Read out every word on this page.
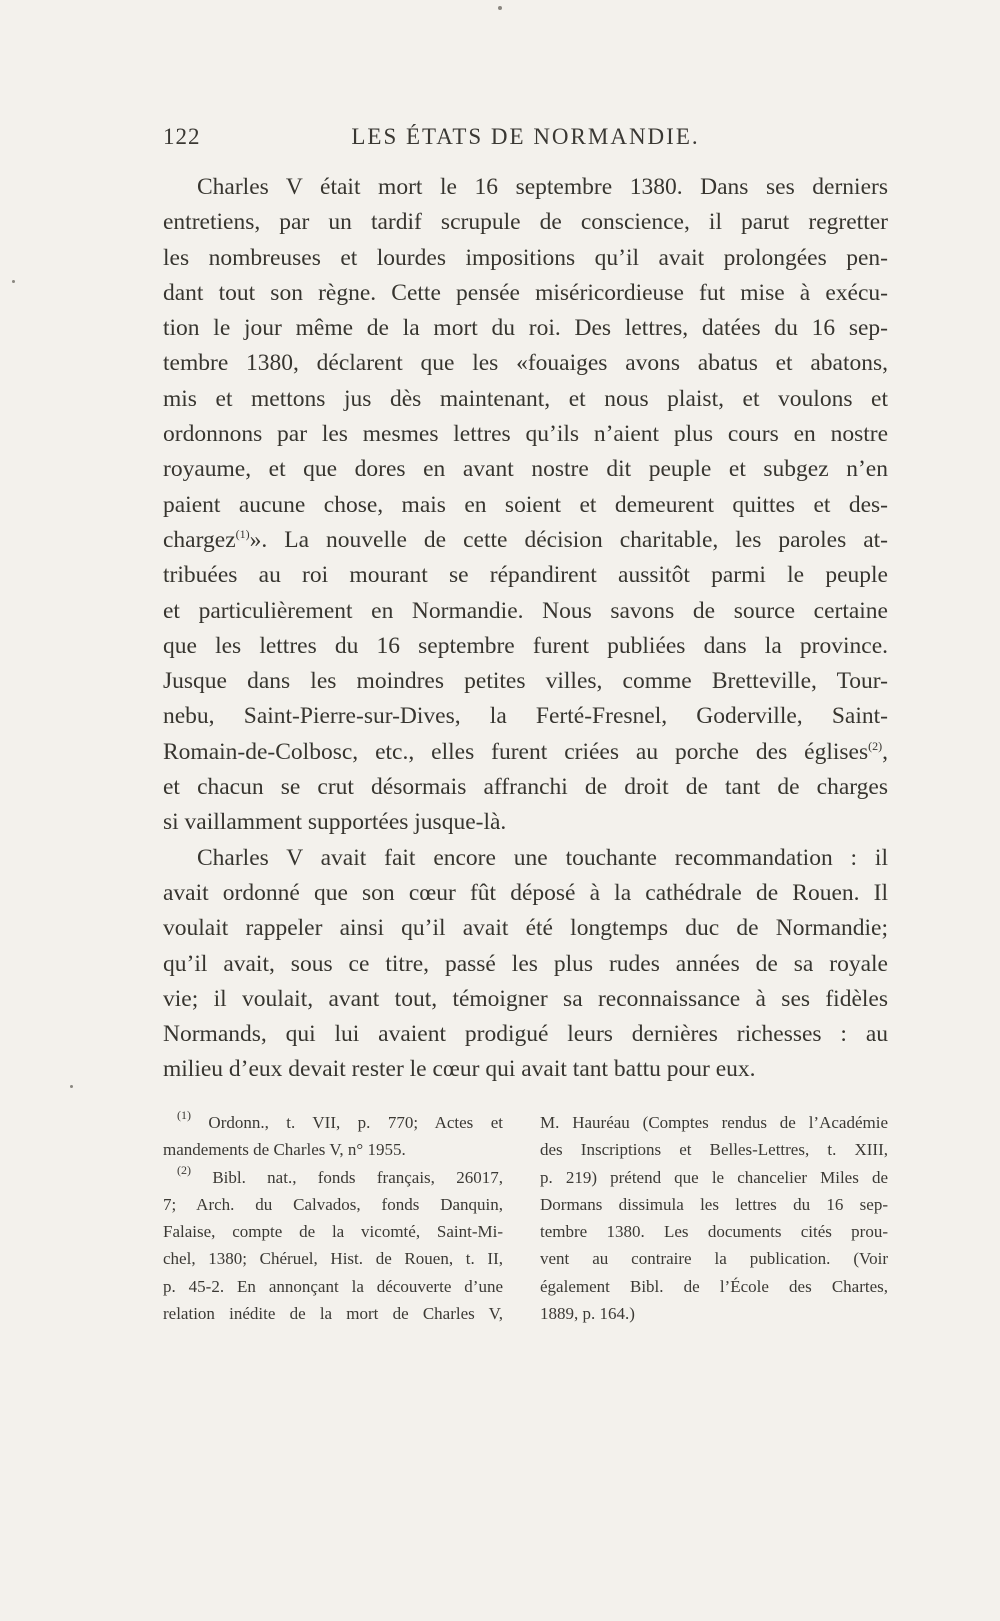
122	LES ÉTATS DE NORMANDIE.
Charles V était mort le 16 septembre 1380. Dans ses derniers
entretiens, par un tardif scrupule de conscience, il parut regretter
les nombreuses et lourdes impositions qu’il avait prolongées pen-
dant tout son règne. Cette pensée miséricordieuse fut mise à exécu-
tion le jour même de la mort du roi. Des lettres, datées du 16 sep-
tembre 1380, déclarent que les «fouaiges avons abatus et abatons,
mis et mettons jus dès maintenant, et nous plaist, et voulons et
ordonnons par les mesmes lettres qu’ils n’aient plus cours en nostre
royaume, et que dores en avant nostre dit peuple et subgez n’en
paient aucune chose, mais en soient et demeurent quittes et des-
chargez$^{(1)}$». La nouvelle de cette décision charitable, les paroles at-
tribuées au roi mourant se répandirent aussitôt parmi le peuple
et particulièrement en Normandie. Nous savons de source certaine
que les lettres du 16 septembre furent publiées dans la province.
Jusque dans les moindres petites villes, comme Bretteville, Tour-
nebu, Saint-Pierre-sur-Dives, la Ferté-Fresnel, Goderville, Saint-
Romain-de-Colbosc, etc., elles furent criées au porche des églises$^{(2)}$,
et chacun se crut désormais affranchi de droit de tant de charges
si vaillamment supportées jusque-là.
Charles V avait fait encore une touchante recommandation : il
avait ordonné que son cœur fût déposé à la cathédrale de Rouen. Il
voulait rappeler ainsi qu’il avait été longtemps duc de Normandie;
qu’il avait, sous ce titre, passé les plus rudes années de sa royale
vie; il voulait, avant tout, témoigner sa reconnaissance à ses fidèles
Normands, qui lui avaient prodigué leurs dernières richesses : au
milieu d’eux devait rester le cœur qui avait tant battu pour eux.
$^{(1)}$ Ordonn., t. VII, p. 770; Actes et
mandements de Charles V, n° 1955.
$^{(2)}$ Bibl. nat., fonds français, 26017,
7; Arch. du Calvados, fonds Danquin,
Falaise, compte de la vicomté, Saint-Mi-
chel, 1380; Chéruel, Hist. de Rouen, t. II,
p. 45-2. En annonçant la découverte d’une
relation inédite de la mort de Charles V,
M. Hauréau (Comptes rendus de l’Académie
des Inscriptions et Belles-Lettres, t. XIII,
p. 219) prétend que le chancelier Miles de
Dormans dissimula les lettres du 16 sep-
tembre 1380. Les documents cités prou-
vent au contraire la publication. (Voir
également Bibl. de l’École des Chartes,
1889, p. 164.)
